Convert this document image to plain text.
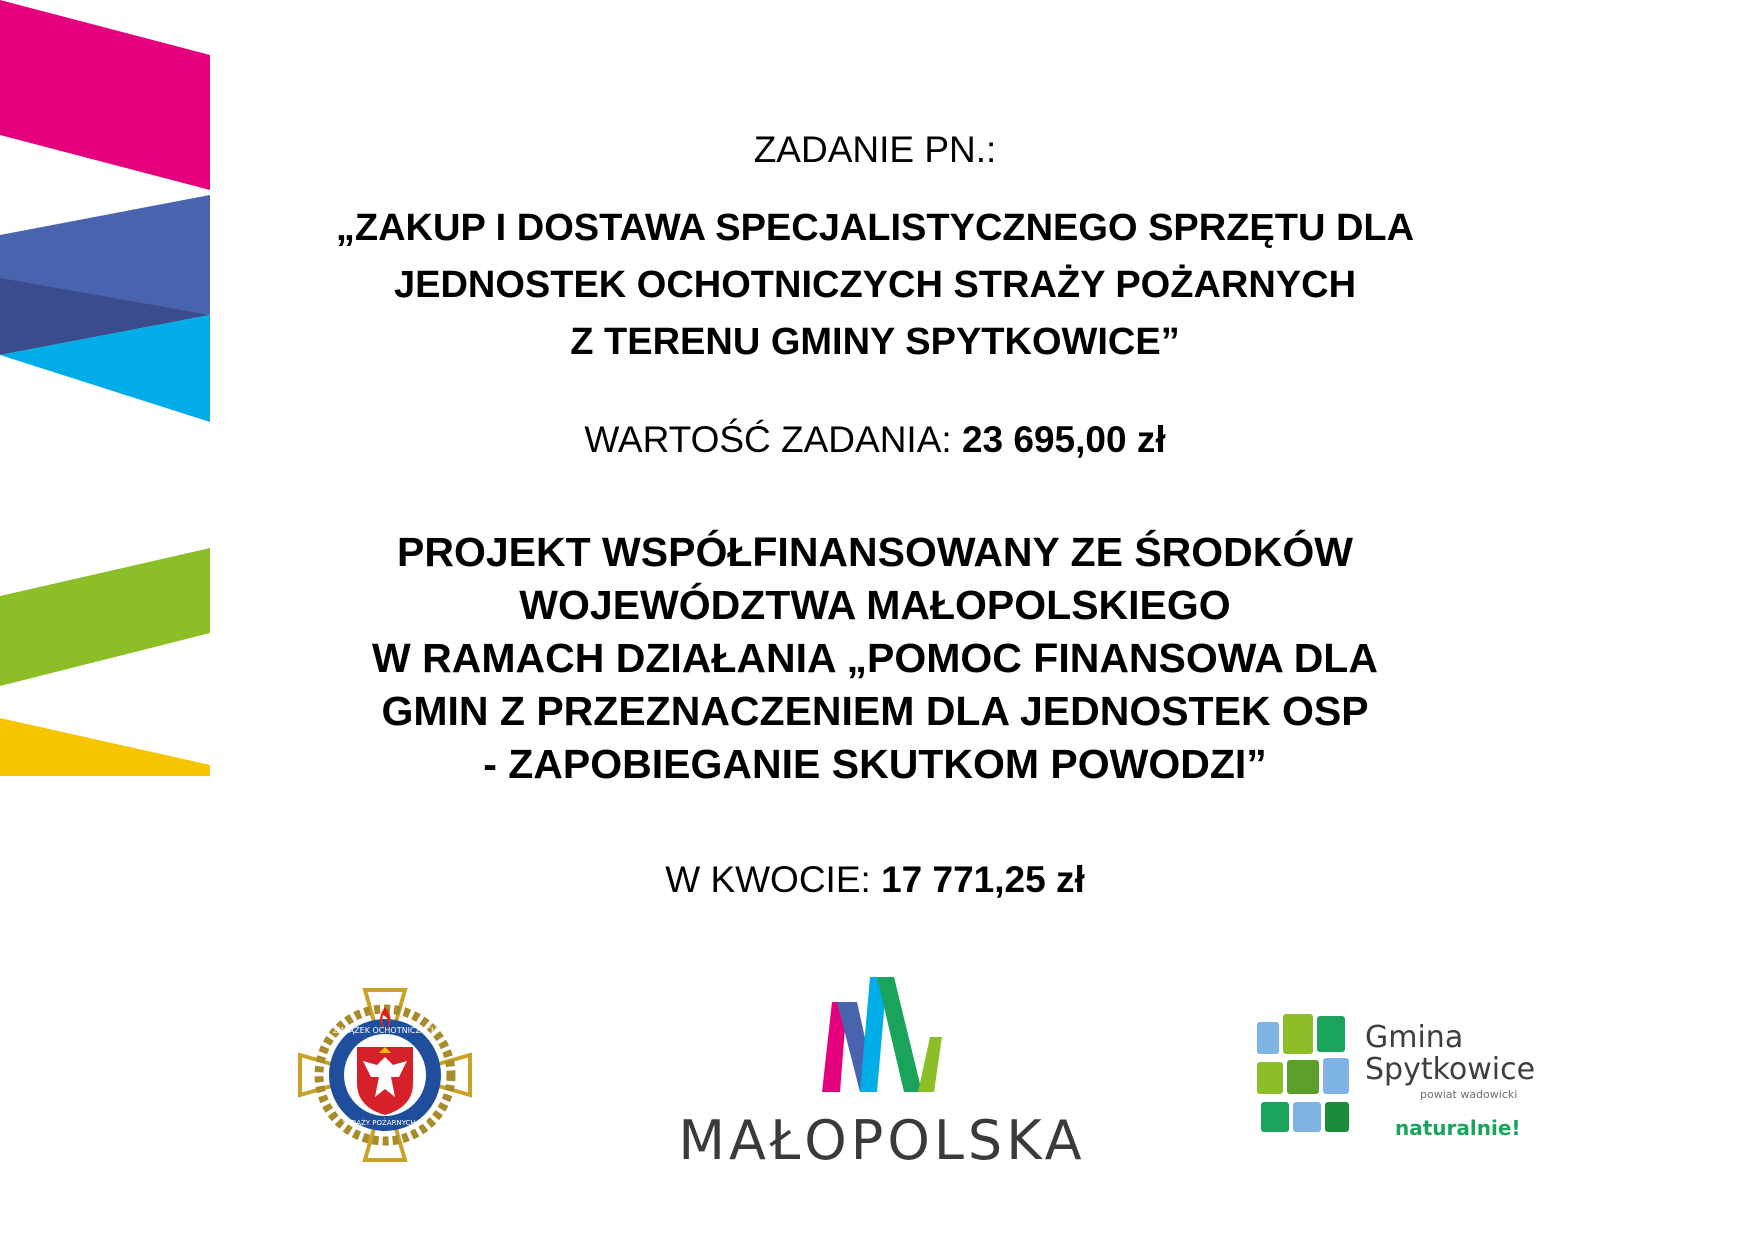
ZADANIE PN.:
„ZAKUP I DOSTAWA SPECJALISTYCZNEGO SPRZĘTU DLA
JEDNOSTEK OCHOTNICZYCH STRAŻY POŻARNYCH
Z TERENU GMINY SPYTKOWICE”
WARTOŚĆ ZADANIA: 23 695,00 zł
PROJEKT WSPÓŁFINANSOWANY ZE ŚRODKÓW
WOJEWÓDZTWA MAŁOPOLSKIEGO
W RAMACH DZIAŁANIA „POMOC FINANSOWA DLA
GMIN Z PRZEZNACZENIEM DLA JEDNOSTEK OSP
- ZAPOBIEGANIE SKUTKOM POWODZI”
W KWOCIE: 17 771,25 zł
ZWIĄZEK OCHOTNICZYCH
STRAŻY POŻARNYCH RP	MAŁOPOLSKA
Gmina
Spytkowice
powiat wadowicki
naturalnie!
